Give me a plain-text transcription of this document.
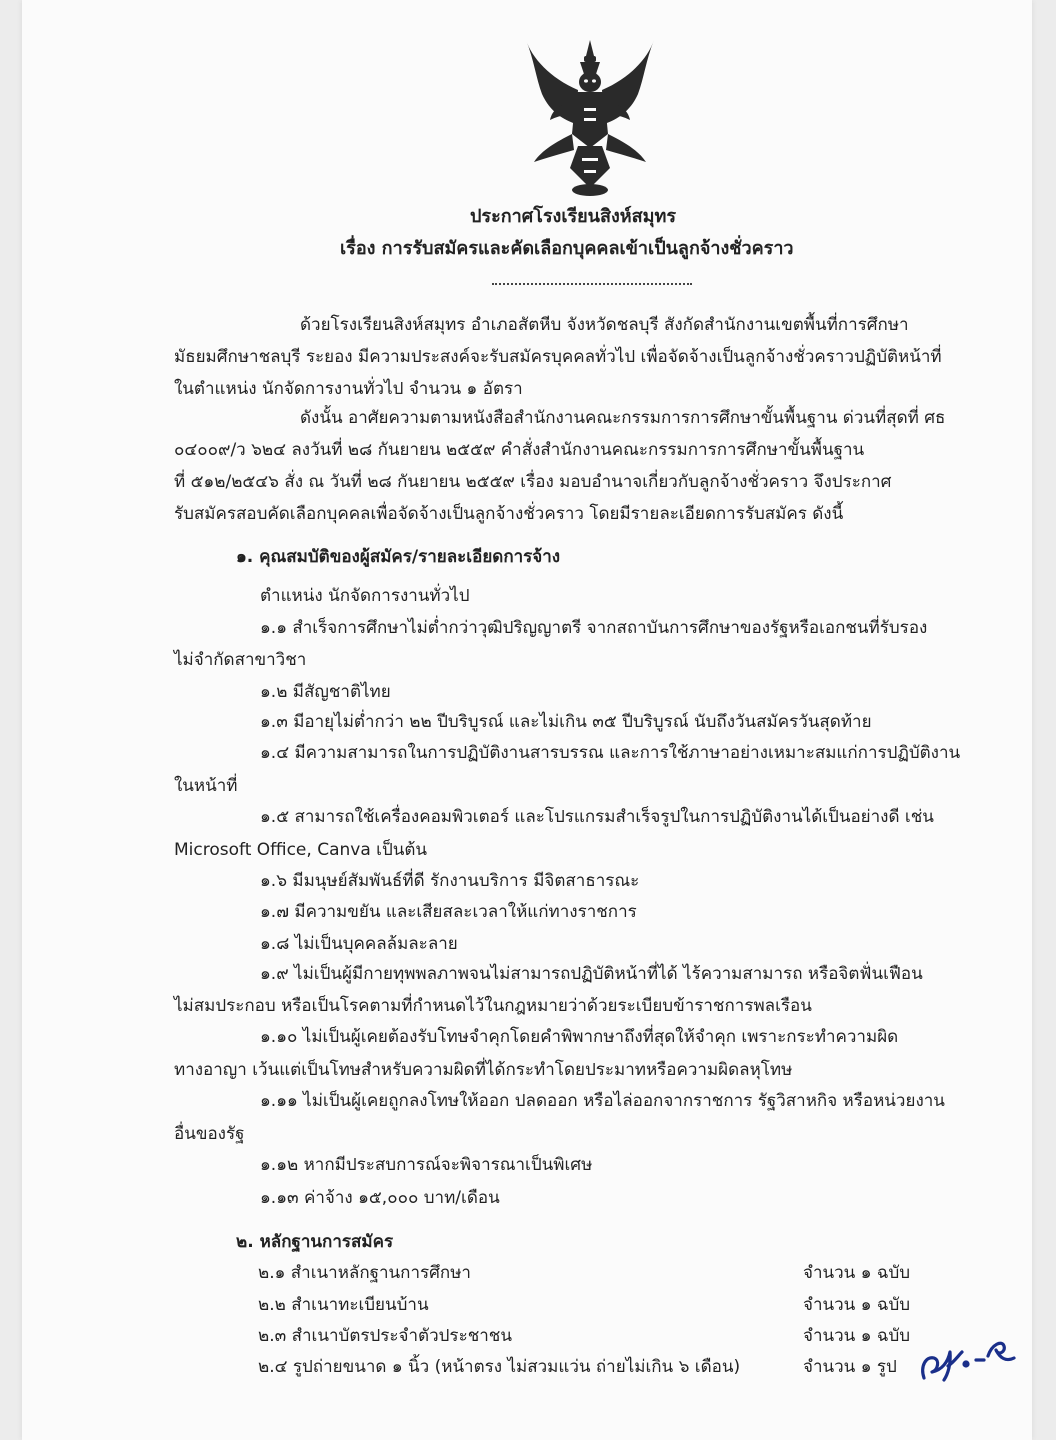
ประกาศโรงเรียนสิงห์สมุทร
เรื่อง การรับสมัครและคัดเลือกบุคคลเข้าเป็นลูกจ้างชั่วคราว
ด้วยโรงเรียนสิงห์สมุทร อำเภอสัตหีบ จังหวัดชลบุรี สังกัดสำนักงานเขตพื้นที่การศึกษา
มัธยมศึกษาชลบุรี ระยอง มีความประสงค์จะรับสมัครบุคคลทั่วไป เพื่อจัดจ้างเป็นลูกจ้างชั่วคราวปฏิบัติหน้าที่
ในตำแหน่ง นักจัดการงานทั่วไป จำนวน ๑ อัตรา
ดังนั้น อาศัยความตามหนังสือสำนักงานคณะกรรมการการศึกษาขั้นพื้นฐาน ด่วนที่สุดที่ ศธ
๐๔๐๐๙/ว ๖๒๔ ลงวันที่ ๒๘ กันยายน ๒๕๕๙ คำสั่งสำนักงานคณะกรรมการการศึกษาขั้นพื้นฐาน
ที่ ๕๑๒/๒๕๔๖ สั่ง ณ วันที่ ๒๘ กันยายน ๒๕๕๙ เรื่อง มอบอำนาจเกี่ยวกับลูกจ้างชั่วคราว จึงประกาศ
รับสมัครสอบคัดเลือกบุคคลเพื่อจัดจ้างเป็นลูกจ้างชั่วคราว โดยมีรายละเอียดการรับสมัคร ดังนี้
๑. คุณสมบัติของผู้สมัคร/รายละเอียดการจ้าง
ตำแหน่ง นักจัดการงานทั่วไป
๑.๑ สำเร็จการศึกษาไม่ต่ำกว่าวุฒิปริญญาตรี จากสถาบันการศึกษาของรัฐหรือเอกชนที่รับรอง
ไม่จำกัดสาขาวิชา
๑.๒ มีสัญชาติไทย
๑.๓ มีอายุไม่ต่ำกว่า ๒๒ ปีบริบูรณ์ และไม่เกิน ๓๕ ปีบริบูรณ์ นับถึงวันสมัครวันสุดท้าย
๑.๔ มีความสามารถในการปฏิบัติงานสารบรรณ และการใช้ภาษาอย่างเหมาะสมแก่การปฏิบัติงาน
ในหน้าที่
๑.๕ สามารถใช้เครื่องคอมพิวเตอร์ และโปรแกรมสำเร็จรูปในการปฏิบัติงานได้เป็นอย่างดี เช่น
Microsoft Office, Canva เป็นต้น
๑.๖ มีมนุษย์สัมพันธ์ที่ดี รักงานบริการ มีจิตสาธารณะ
๑.๗ มีความขยัน และเสียสละเวลาให้แก่ทางราชการ
๑.๘ ไม่เป็นบุคคลล้มละลาย
๑.๙ ไม่เป็นผู้มีกายทุพพลภาพจนไม่สามารถปฏิบัติหน้าที่ได้ ไร้ความสามารถ หรือจิตฟั่นเฟือน
ไม่สมประกอบ หรือเป็นโรคตามที่กำหนดไว้ในกฎหมายว่าด้วยระเบียบข้าราชการพลเรือน
๑.๑๐ ไม่เป็นผู้เคยต้องรับโทษจำคุกโดยคำพิพากษาถึงที่สุดให้จำคุก เพราะกระทำความผิด
ทางอาญา เว้นแต่เป็นโทษสำหรับความผิดที่ได้กระทำโดยประมาทหรือความผิดลหุโทษ
๑.๑๑ ไม่เป็นผู้เคยถูกลงโทษให้ออก ปลดออก หรือไล่ออกจากราชการ รัฐวิสาหกิจ หรือหน่วยงาน
อื่นของรัฐ
๑.๑๒ หากมีประสบการณ์จะพิจารณาเป็นพิเศษ
๑.๑๓ ค่าจ้าง ๑๕,๐๐๐ บาท/เดือน
๒. หลักฐานการสมัคร
๒.๑ สำเนาหลักฐานการศึกษา	จำนวน ๑ ฉบับ
๒.๒ สำเนาทะเบียนบ้าน	จำนวน ๑ ฉบับ
๒.๓ สำเนาบัตรประจำตัวประชาชน	จำนวน ๑ ฉบับ
๒.๔ รูปถ่ายขนาด ๑ นิ้ว (หน้าตรง ไม่สวมแว่น ถ่ายไม่เกิน ๖ เดือน)	จำนวน ๑ รูป
